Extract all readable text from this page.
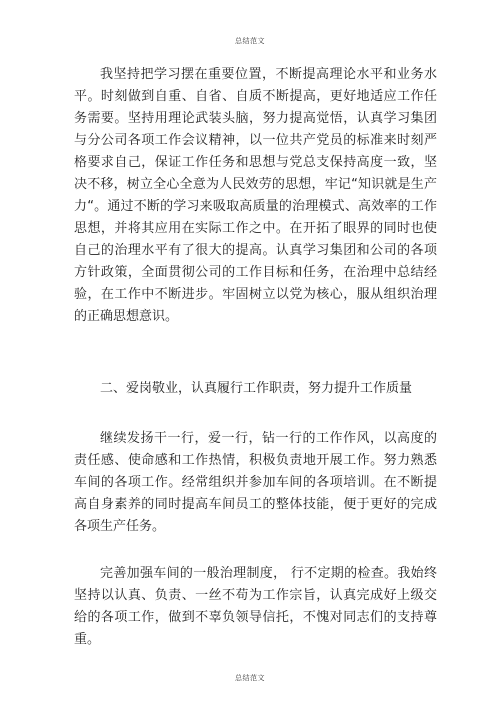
总结范文

我坚持把学习摆在重要位置，不断提高理论水平和业务水平。时刻做到自重、自省、自质不断提高，更好地适应工作任务需要。坚持用理论武装头脑，努力提高觉悟，认真学习集团与分公司各项工作会议精神，以一位共产党员的标准来时刻严格要求自己，保证工作任务和思想与党总支保持高度一致，坚决不移，树立全心全意为人民效劳的思想，牢记“知识就是生产力“。通过不断的学习来吸取高质量的治理模式、高效率的工作思想，并将其应用在实际工作之中。在开拓了眼界的同时也使自己的治理水平有了很大的提高。认真学习集团和公司的各项方针政策，全面贯彻公司的工作目标和任务，在治理中总结经验，在工作中不断进步。牢固树立以党为核心，服从组织治理的正确思想意识。

二、爱岗敬业，认真履行工作职责，努力提升工作质量

继续发扬干一行，爱一行，钻一行的工作作风，以高度的责任感、使命感和工作热情，积极负责地开展工作。努力熟悉车间的各项工作。经常组织并参加车间的各项培训。在不断提高自身素养的同时提高车间员工的整体技能，便于更好的完成各项生产任务。

完善加强车间的一般治理制度， 行不定期的检查。我始终坚持以认真、负责、一丝不苟为工作宗旨，认真完成好上级交给的各项工作，做到不辜负领导信托，不愧对同志们的支持尊重。

总结范文
